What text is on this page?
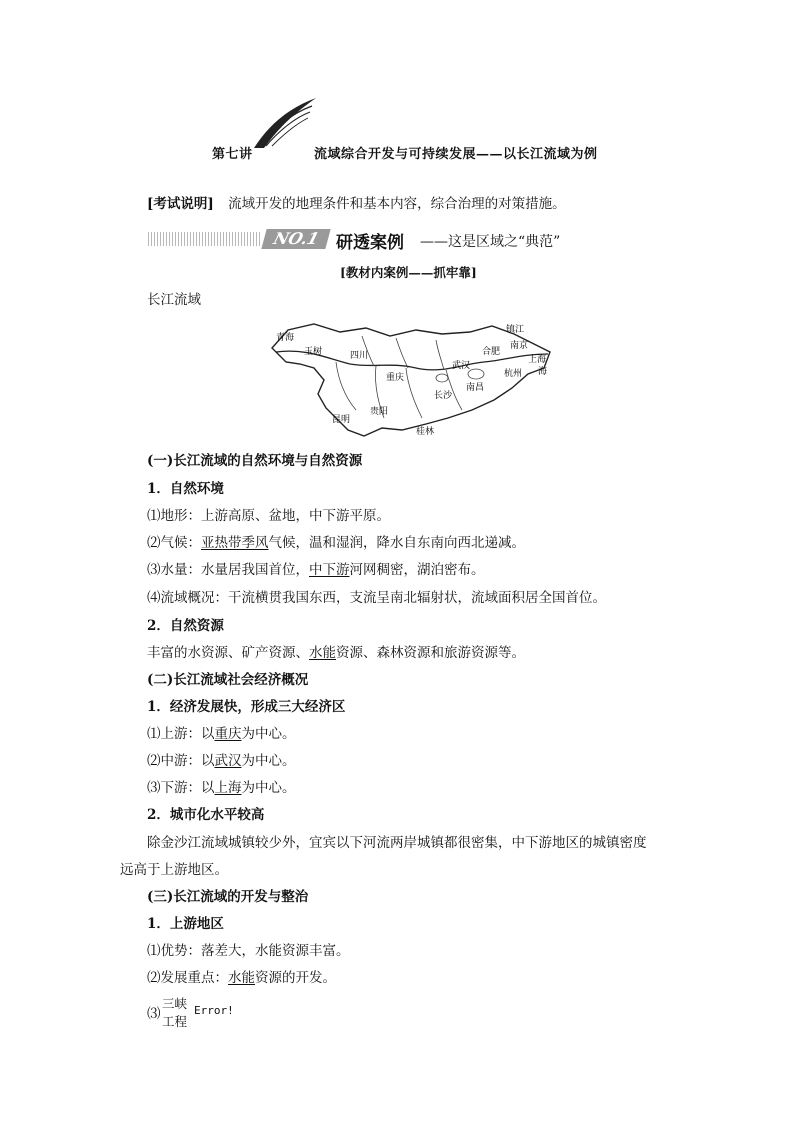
第七讲	流域综合开发与可持续发展——以长江流域为例
[考试说明] 流域开发的地理条件和基本内容，综合治理的对策措施。
NO.1 研透案例 ——这是区域之“典范”
[教材内案例——抓牢靠]
长江流域
青海
玉树	四川
重庆
贵阳
昆明
武汉
长沙
南昌
合肥
南京
上海
杭州
桂林
镇江
海
(一)长江流域的自然环境与自然资源
1．自然环境
⑴地形：上游高原、盆地，中下游平原。
⑵气候：亚热带季风气候，温和湿润，降水自东南向西北递减。
⑶水量：水量居我国首位，中下游河网稠密，湖泊密布。
⑷流域概况：干流横贯我国东西，支流呈南北辐射状，流域面积居全国首位。
2．自然资源
丰富的水资源、矿产资源、水能资源、森林资源和旅游资源等。
(二)长江流域社会经济概况
1．经济发展快，形成三大经济区
⑴上游：以重庆为中心。
⑵中游：以武汉为中心。
⑶下游：以上海为中心。
2．城市化水平较高
除金沙江流域城镇较少外，宜宾以下河流两岸城镇都很密集，中下游地区的城镇密度
远高于上游地区。
(三)长江流域的开发与整治
1．上游地区
⑴优势：落差大，水能资源丰富。
⑵发展重点：水能资源的开发。
⑶
三峡
工程
Error!
